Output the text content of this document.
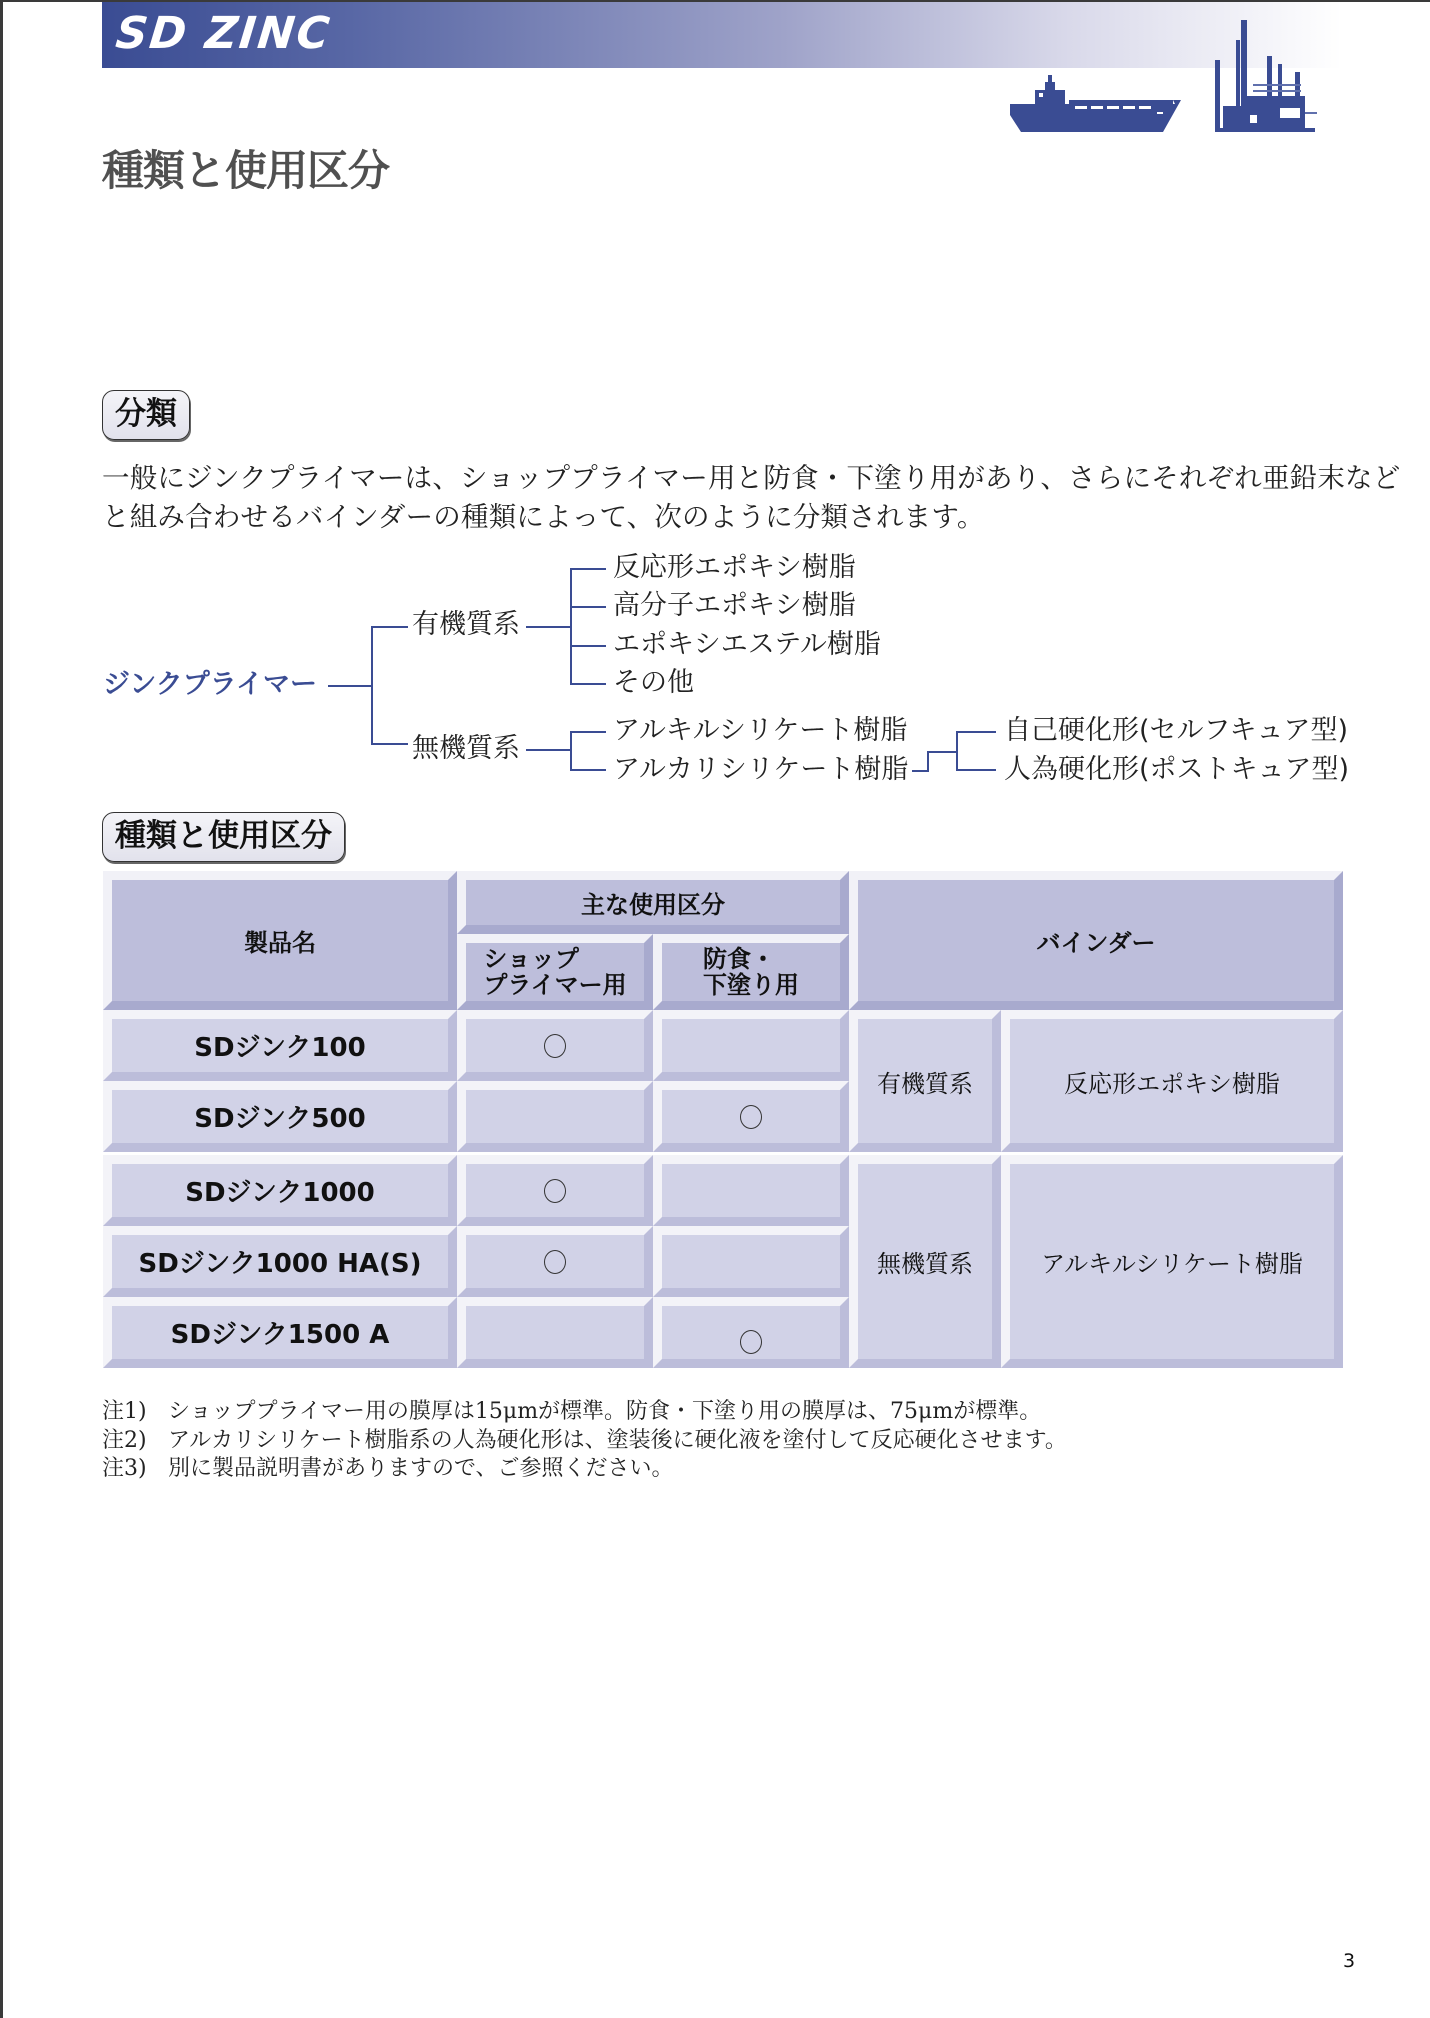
SD ZINC
種類と使用区分
分類
一般にジンクプライマーは、ショッププライマー用と防食・下塗り用があり、さらにそれぞれ亜鉛末など
と組み合わせるバインダーの種類によって、次のように分類されます。
ジンクプライマー
有機質系
無機質系
反応形エポキシ樹脂
高分子エポキシ樹脂
エポキシエステル樹脂
その他
アルキルシリケート樹脂
アルカリシリケート樹脂
自己硬化形(セルフキュア型)
人為硬化形(ポストキュア型)
種類と使用区分
製品名
主な使用区分
ショップ
プライマー用
防食・
下塗り用
バインダー
SDジンク100
SDジンク500
有機質系	反応形エポキシ樹脂
SDジンク1000
SDジンク1000 HA(S)
SDジンク1500 A
無機質系	アルキルシリケート樹脂
注1) ショッププライマー用の膜厚は15μmが標準。防食・下塗り用の膜厚は、75μmが標準。
注2) アルカリシリケート樹脂系の人為硬化形は、塗装後に硬化液を塗付して反応硬化させます。
注3) 別に製品説明書がありますので、ご参照ください。
3
